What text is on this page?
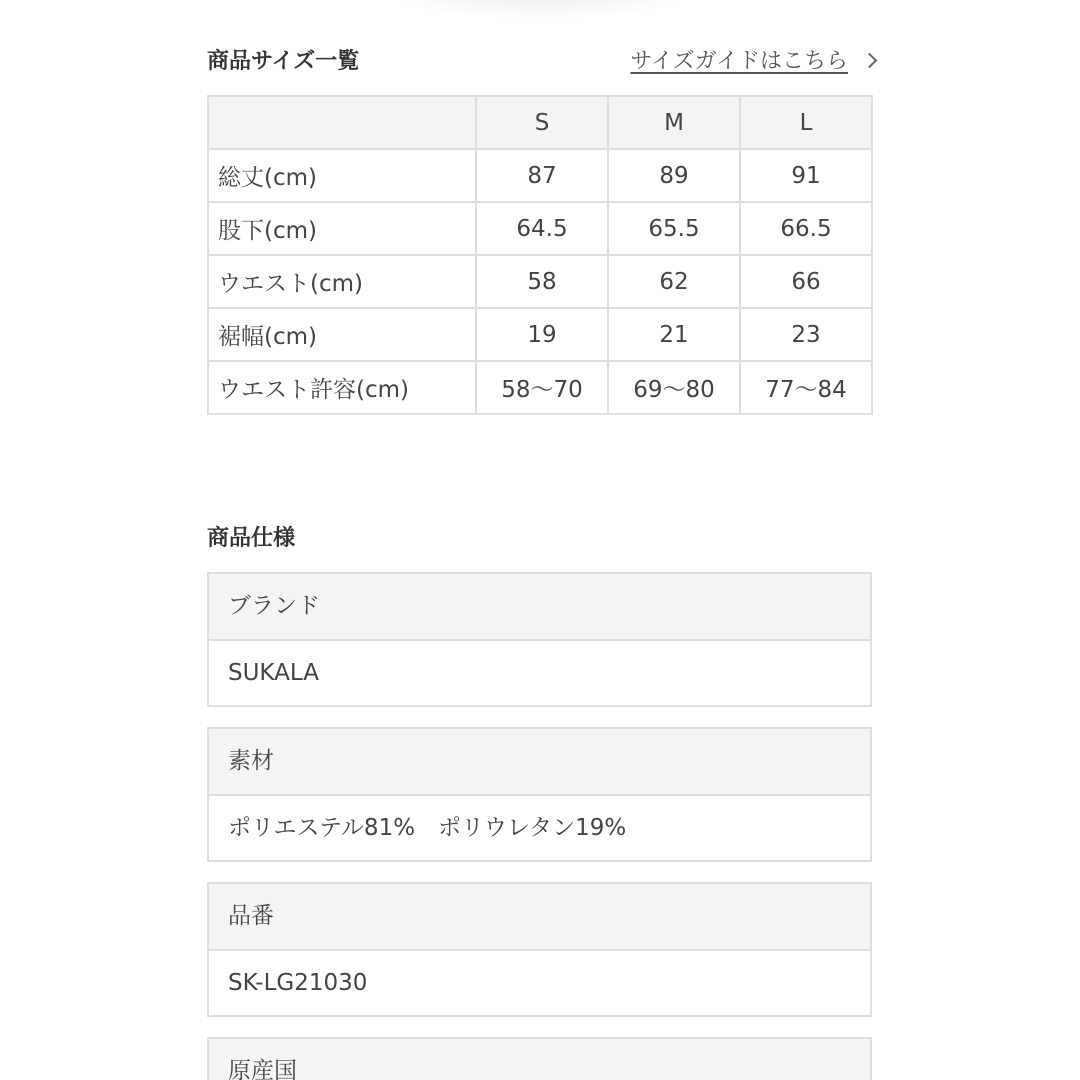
商品サイズ一覧	サイズガイドはこちら
	S	M	L
総丈(cm)	87	89	91
股下(cm)	64.5	65.5	66.5
ウエスト(cm)	58	62	66
裾幅(cm)	19	21	23
ウエスト許容(cm)	58〜70	69〜80	77〜84
商品仕様
ブランド
SUKALA
素材
ポリエステル81%　ポリウレタン19%
品番
SK-LG21030
原産国
